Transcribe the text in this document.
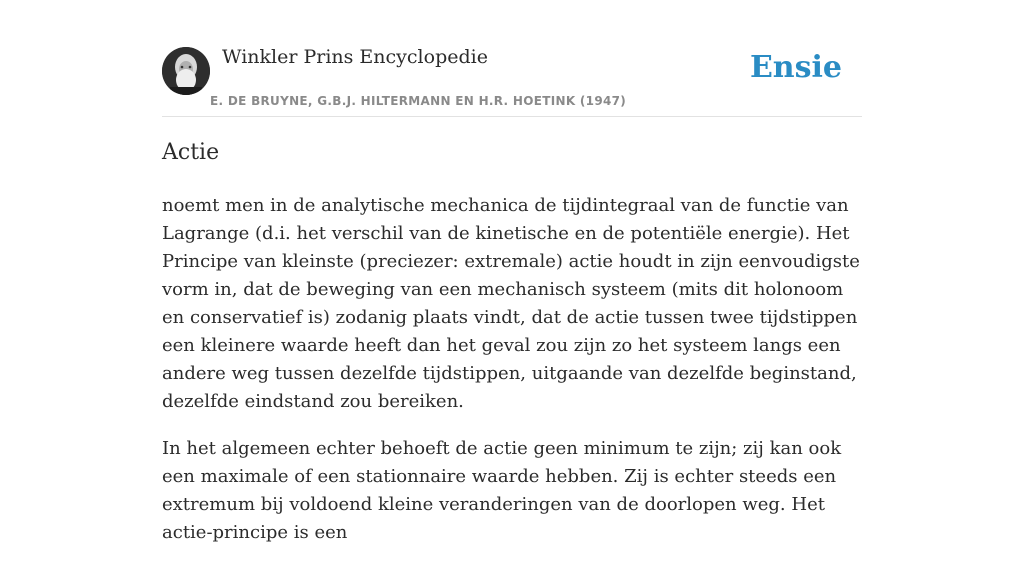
Winkler Prins Encyclopedie
E. DE BRUYNE, G.B.J. HILTERMANN EN H.R. HOETINK (1947)
Ensie
Actie

noemt men in de analytische mechanica de tijdintegraal van de functie van Lagrange (d.i. het verschil van de kinetische en de potentiële energie). Het Principe van kleinste (preciezer: extremale) actie houdt in zijn eenvoudigste vorm in, dat de beweging van een mechanisch systeem (mits dit holonoom en conservatief is) zodanig plaats vindt, dat de actie tussen twee tijdstippen een kleinere waarde heeft dan het geval zou zijn zo het systeem langs een andere weg tussen dezelfde tijdstippen, uitgaande van dezelfde beginstand, dezelfde eindstand zou bereiken.

In het algemeen echter behoeft de actie geen minimum te zijn; zij kan ook een maximale of een stationnaire waarde hebben. Zij is echter steeds een extremum bij voldoend kleine veranderingen van de doorlopen weg. Het actie-principe is een
